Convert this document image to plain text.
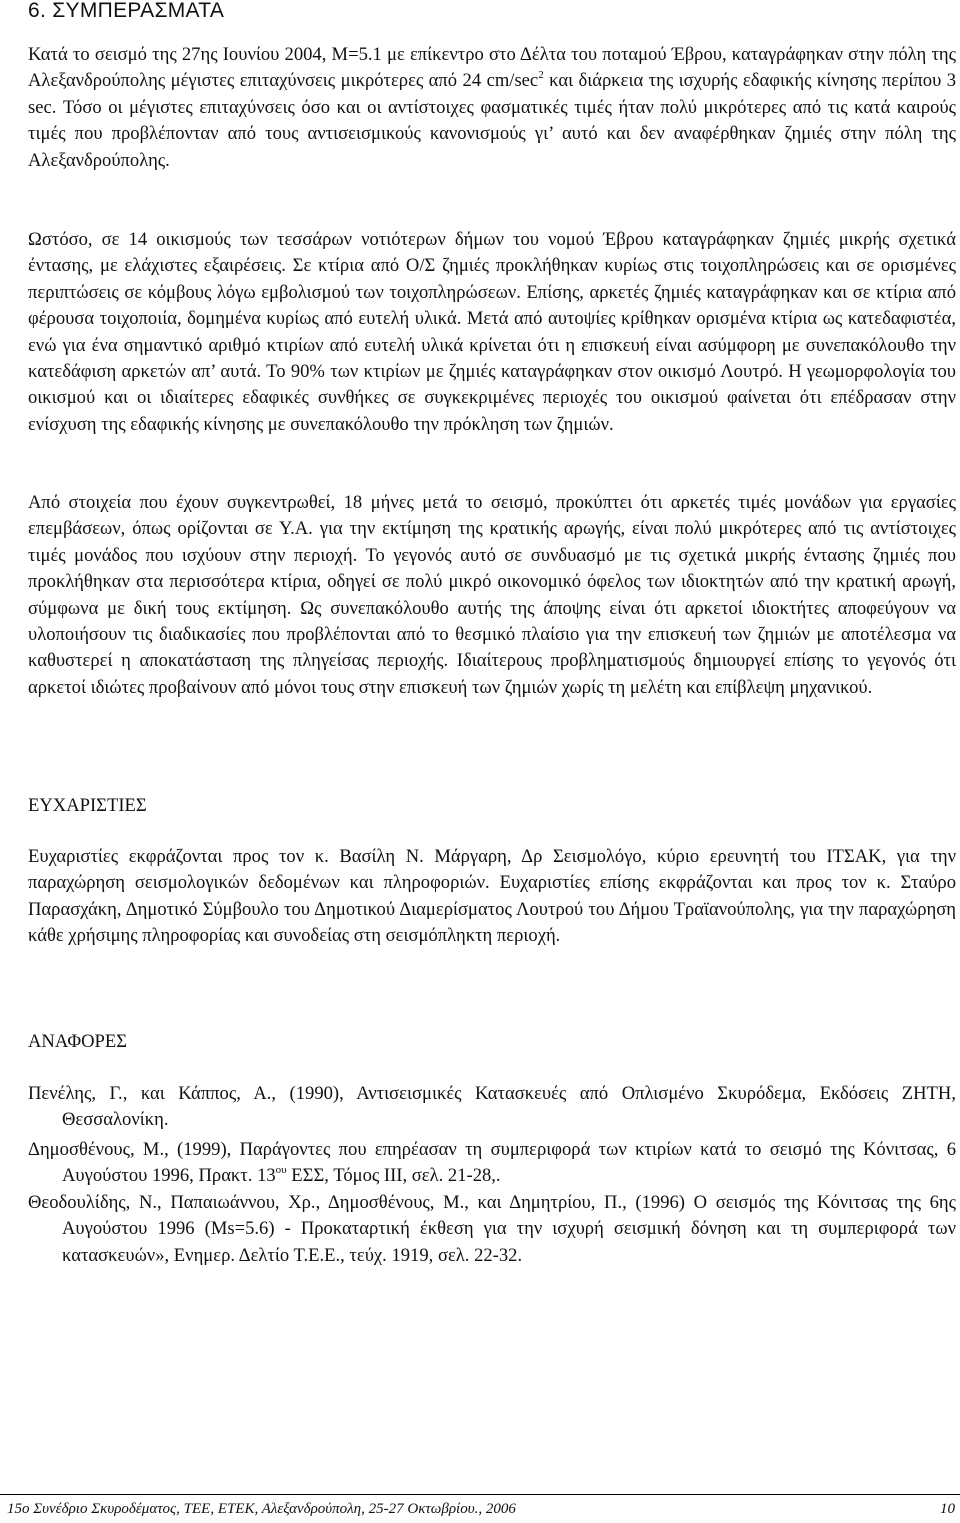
6. ΣΥΜΠΕΡΑΣΜΑΤΑ

Κατά το σεισμό της 27ης Ιουνίου 2004, Μ=5.1 με επίκεντρο στο Δέλτα του ποταμού Έβρου, καταγράφηκαν στην πόλη της Αλεξανδρούπολης μέγιστες επιταχύνσεις μικρότερες από 24 $cm/\sec^2$ και διάρκεια της ισχυρής εδαφικής κίνησης περίπου 3 sec. Τόσο οι μέγιστες επιταχύνσεις όσο και οι αντίστοιχες φασματικές τιμές ήταν πολύ μικρότερες από τις κατά καιρούς τιμές που προβλέπονταν από τους αντισεισμικούς κανονισμούς γι’ αυτό και δεν αναφέρθηκαν ζημιές στην πόλη της Αλεξανδρούπολης.

Ωστόσο, σε 14 οικισμούς των τεσσάρων νοτιότερων δήμων του νομού Έβρου καταγράφηκαν ζημιές μικρής σχετικά έντασης, με ελάχιστες εξαιρέσεις. Σε κτίρια από Ο/Σ ζημιές προκλήθηκαν κυρίως στις τοιχοπληρώσεις και σε ορισμένες περιπτώσεις σε κόμβους λόγω εμβολισμού των τοιχοπληρώσεων. Επίσης, αρκετές ζημιές καταγράφηκαν και σε κτίρια από φέρουσα τοιχοποιία, δομημένα κυρίως από ευτελή υλικά. Μετά από αυτοψίες κρίθηκαν ορισμένα κτίρια ως κατεδαφιστέα, ενώ για ένα σημαντικό αριθμό κτιρίων από ευτελή υλικά κρίνεται ότι η επισκευή είναι ασύμφορη με συνεπακόλουθο την κατεδάφιση αρκετών απ’ αυτά. Το 90% των κτιρίων με ζημιές καταγράφηκαν στον οικισμό Λουτρό. Η γεωμορφολογία του οικισμού και οι ιδιαίτερες εδαφικές συνθήκες σε συγκεκριμένες περιοχές του οικισμού φαίνεται ότι επέδρασαν στην ενίσχυση της εδαφικής κίνησης με συνεπακόλουθο την πρόκληση των ζημιών.

Από στοιχεία που έχουν συγκεντρωθεί, 18 μήνες μετά το σεισμό, προκύπτει ότι αρκετές τιμές μονάδων για εργασίες επεμβάσεων, όπως ορίζονται σε Υ.Α. για την εκτίμηση της κρατικής αρωγής, είναι πολύ μικρότερες από τις αντίστοιχες τιμές μονάδος που ισχύουν στην περιοχή. Το γεγονός αυτό σε συνδυασμό με τις σχετικά μικρής έντασης ζημιές που προκλήθηκαν στα περισσότερα κτίρια, οδηγεί σε πολύ μικρό οικονομικό όφελος των ιδιοκτητών από την κρατική αρωγή, σύμφωνα με δική τους εκτίμηση. Ως συνεπακόλουθο αυτής της άποψης είναι ότι αρκετοί ιδιοκτήτες αποφεύγουν να υλοποιήσουν τις διαδικασίες που προβλέπονται από το θεσμικό πλαίσιο για την επισκευή των ζημιών με αποτέλεσμα να καθυστερεί η αποκατάσταση της πληγείσας περιοχής. Ιδιαίτερους προβληματισμούς δημιουργεί επίσης το γεγονός ότι αρκετοί ιδιώτες προβαίνουν από μόνοι τους στην επισκευή των ζημιών χωρίς τη μελέτη και επίβλεψη μηχανικού.

ΕΥΧΑΡΙΣΤΙΕΣ

Ευχαριστίες εκφράζονται προς τον κ. Βασίλη Ν. Μάργαρη, Δρ Σεισμολόγο, κύριο ερευνητή του ΙΤΣΑΚ, για την παραχώρηση σεισμολογικών δεδομένων και πληροφοριών. Ευχαριστίες επίσης εκφράζονται και προς τον κ. Σταύρο Παρασχάκη, Δημοτικό Σύμβουλο του Δημοτικού Διαμερίσματος Λουτρού του Δήμου Τραϊανούπολης, για την παραχώρηση κάθε χρήσιμης πληροφορίας και συνοδείας στη σεισμόπληκτη περιοχή.

ΑΝΑΦΟΡΕΣ

Πενέλης, Γ., και Κάππος, Α., (1990), Αντισεισμικές Κατασκευές από Οπλισμένο Σκυρόδεμα, Εκδόσεις ΖΗΤΗ, Θεσσαλονίκη.

Δημοσθένους, Μ., (1999), Παράγοντες που επηρέασαν τη συμπεριφορά των κτιρίων κατά το σεισμό της Κόνιτσας, 6 Αυγούστου 1996, Πρακτ. $13^{o\upsilon}$ ΕΣΣ, Τόμος ΙΙΙ, σελ. 21-28,.

Θεοδουλίδης, Ν., Παπαιωάννου, Χρ., Δημοσθένους, Μ., και Δημητρίου, Π., (1996) Ο σεισμός της Κόνιτσας της 6ης Αυγούστου 1996 (Ms=5.6) - Προκαταρτική έκθεση για την ισχυρή σεισμική δόνηση και τη συμπεριφορά των κατασκευών», Ενημερ. Δελτίο Τ.Ε.Ε., τεύχ. 1919, σελ. 22-32.

15ο Συνέδριο Σκυροδέματος, ΤΕΕ, ΕΤΕΚ, Αλεξανδρούπολη, 25-27 Οκτωβρίου., 2006	10
